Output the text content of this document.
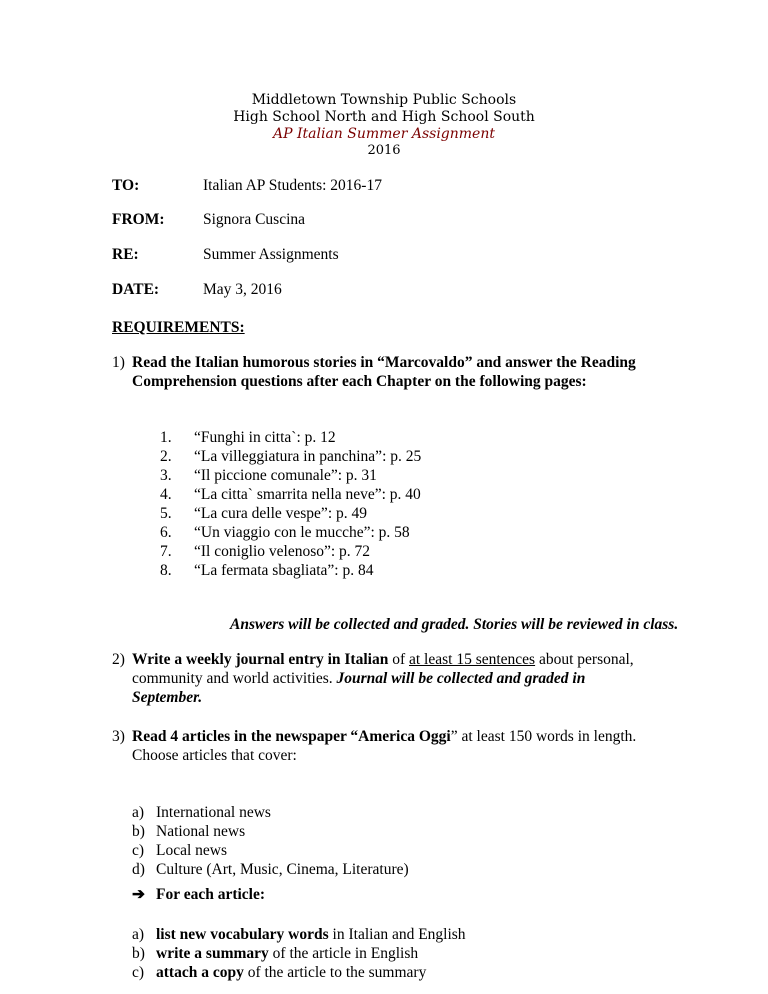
Middletown Township Public Schools
High School North and High School South
AP Italian Summer Assignment
2016
TO:	Italian AP Students: 2016-17
FROM: Signora Cuscina
RE:	Summer Assignments
DATE:	May 3, 2016
REQUIREMENTS:
1) Read the Italian humorous stories in “Marcovaldo” and answer the Reading
Comprehension questions after each Chapter on the following pages:
1.	“Funghi in citta`: p. 12
2.	“La villeggiatura in panchina”: p. 25
3.	“Il piccione comunale”: p. 31
4.	“La citta` smarrita nella neve”: p. 40
5.	“La cura delle vespe”: p. 49
6.	“Un viaggio con le mucche”: p. 58
7.	“Il coniglio velenoso”: p. 72
8.	“La fermata sbagliata”: p. 84
Answers will be collected and graded. Stories will be reviewed in class.
2) Write a weekly journal entry in Italian of at least 15 sentences about personal,
community and world activities. Journal will be collected and graded in
September.
3) Read 4 articles in the newspaper “America Oggi” at least 150 words in length.
Choose articles that cover:
a) International news
b) National news
c) Local news
d) Culture (Art, Music, Cinema, Literature)
➔ For each article:
a) list new vocabulary words in Italian and English
b) write a summary of the article in English
c) attach a copy of the article to the summary
